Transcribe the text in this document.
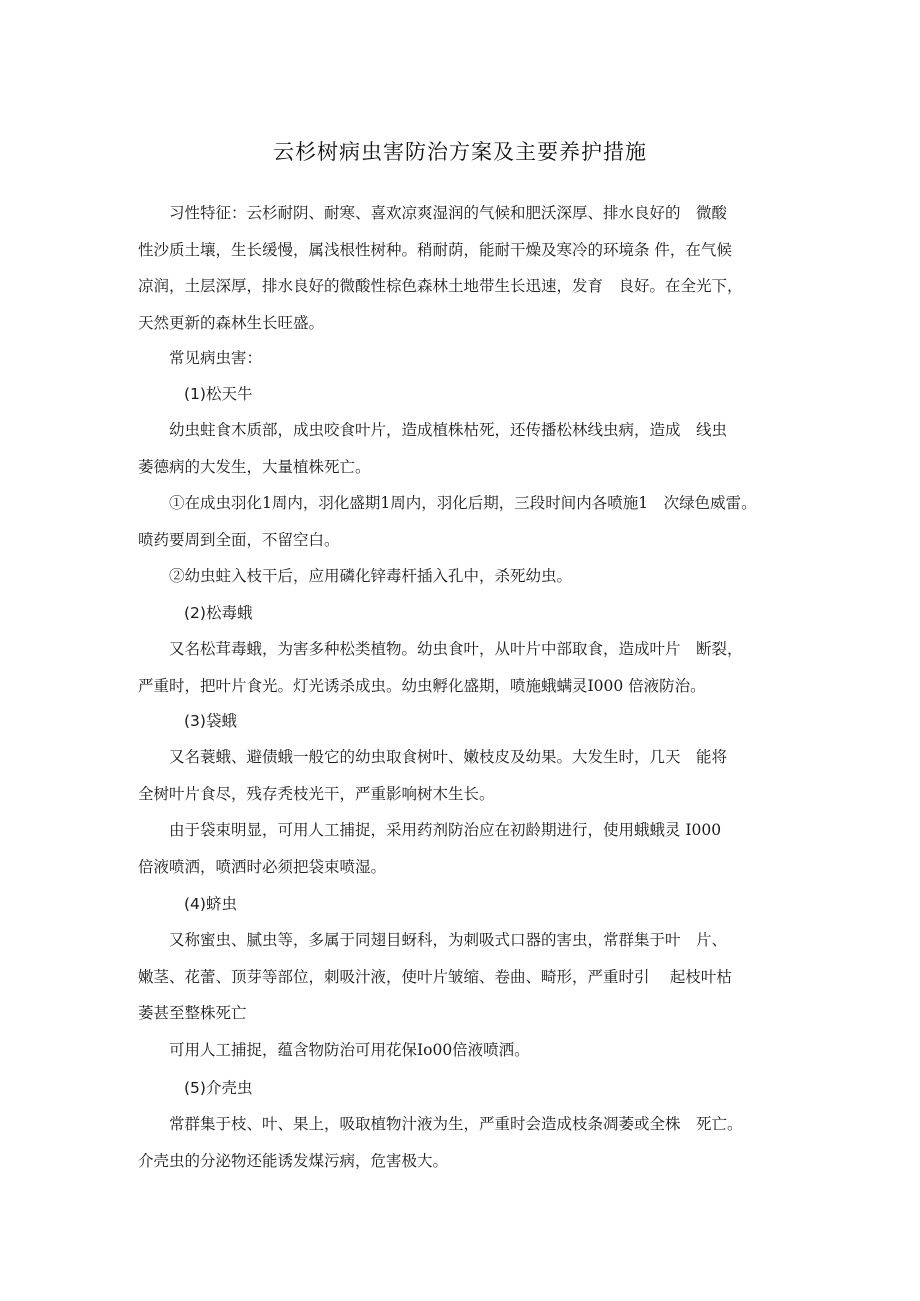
云杉树病虫害防治方案及主要养护措施
　　习性特征：云杉耐阴、耐寒、喜欢凉爽湿润的气候和肥沃深厚、排水良好的　微酸
性沙质土壤，生长缓慢，属浅根性树种。稍耐荫，能耐干燥及寒冷的环境条 件，在气候
凉润，土层深厚，排水良好的微酸性棕色森林土地带生长迅速，发育　良好。在全光下，
天然更新的森林生长旺盛。
　　常见病虫害：
(1)松天牛
　　幼虫蛀食木质部，成虫咬食叶片，造成植株枯死，还传播松林线虫病，造成　线虫
萎德病的大发生，大量植株死亡。
　　①在成虫羽化1周内，羽化盛期1周内，羽化后期，三段时间内各喷施1　次绿色威雷。
喷药要周到全面，不留空白。
　　②幼虫蛀入枝干后，应用磷化锌毒杆插入孔中，杀死幼虫。
(2)松毒蛾
　　又名松茸毒蛾，为害多种松类植物。幼虫食叶，从叶片中部取食，造成叶片　断裂，
严重时，把叶片食光。灯光诱杀成虫。幼虫孵化盛期，喷施蛾螨灵I000 倍液防治。
(3)袋蛾
　　又名蓑蛾、避债蛾一般它的幼虫取食树叶、嫩枝皮及幼果。大发生时，几天　能将
全树叶片食尽，残存秃枝光干，严重影响树木生长。
　　由于袋束明显，可用人工捕捉，采用药剂防治应在初龄期进行，使用蛾蛾灵 I000
倍液喷洒，喷洒时必须把袋束喷湿。
(4)蛴虫
　　又称蜜虫、腻虫等，多属于同翅目蚜科，为刺吸式口器的害虫，常群集于叶　片、
嫩茎、花蕾、顶芽等部位，刺吸汁液，使叶片皱缩、卷曲、畸形，严重时引　 起枝叶枯
萎甚至整株死亡
　　可用人工捕捉，蕴含物防治可用花保Io00倍液喷洒。
(5)介壳虫
　　常群集于枝、叶、果上，吸取植物汁液为生，严重时会造成枝条凋萎或全株　死亡。
介壳虫的分泌物还能诱发煤污病，危害极大。
